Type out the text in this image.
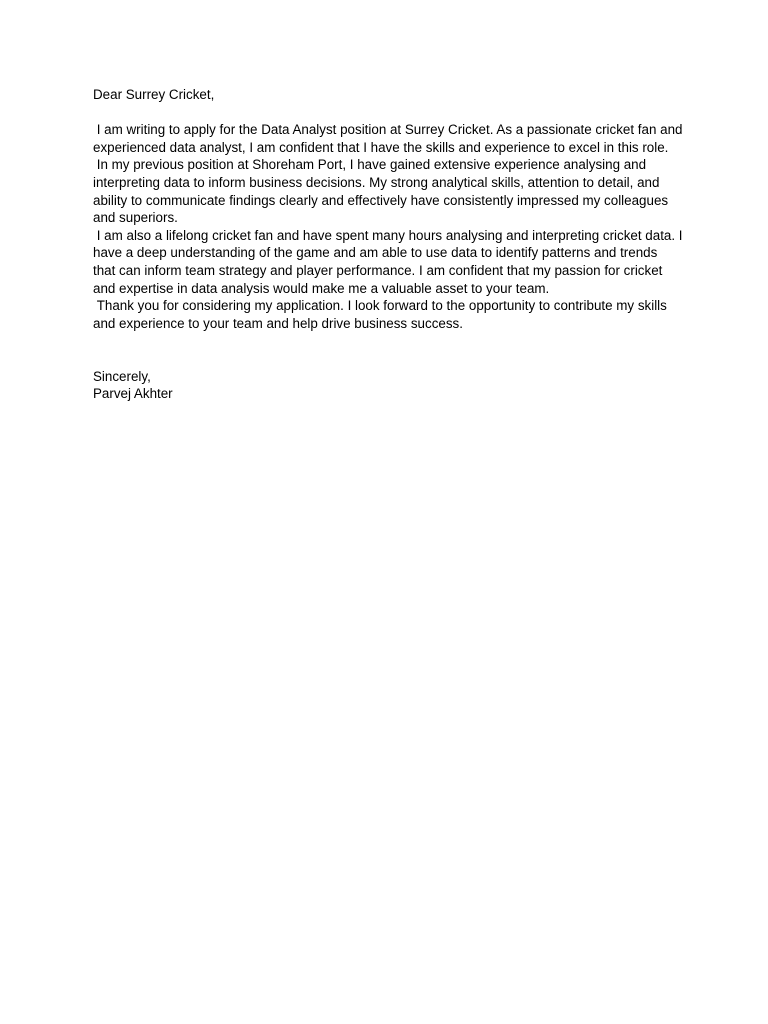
Dear Surrey Cricket,

I am writing to apply for the Data Analyst position at Surrey Cricket. As a passionate cricket fan and experienced data analyst, I am confident that I have the skills and experience to excel in this role.

In my previous position at Shoreham Port, I have gained extensive experience analysing and interpreting data to inform business decisions. My strong analytical skills, attention to detail, and ability to communicate findings clearly and effectively have consistently impressed my colleagues and superiors.

I am also a lifelong cricket fan and have spent many hours analysing and interpreting cricket data. I have a deep understanding of the game and am able to use data to identify patterns and trends that can inform team strategy and player performance. I am confident that my passion for cricket and expertise in data analysis would make me a valuable asset to your team.

Thank you for considering my application. I look forward to the opportunity to contribute my skills and experience to your team and help drive business success.

Sincerely,

Parvej Akhter
